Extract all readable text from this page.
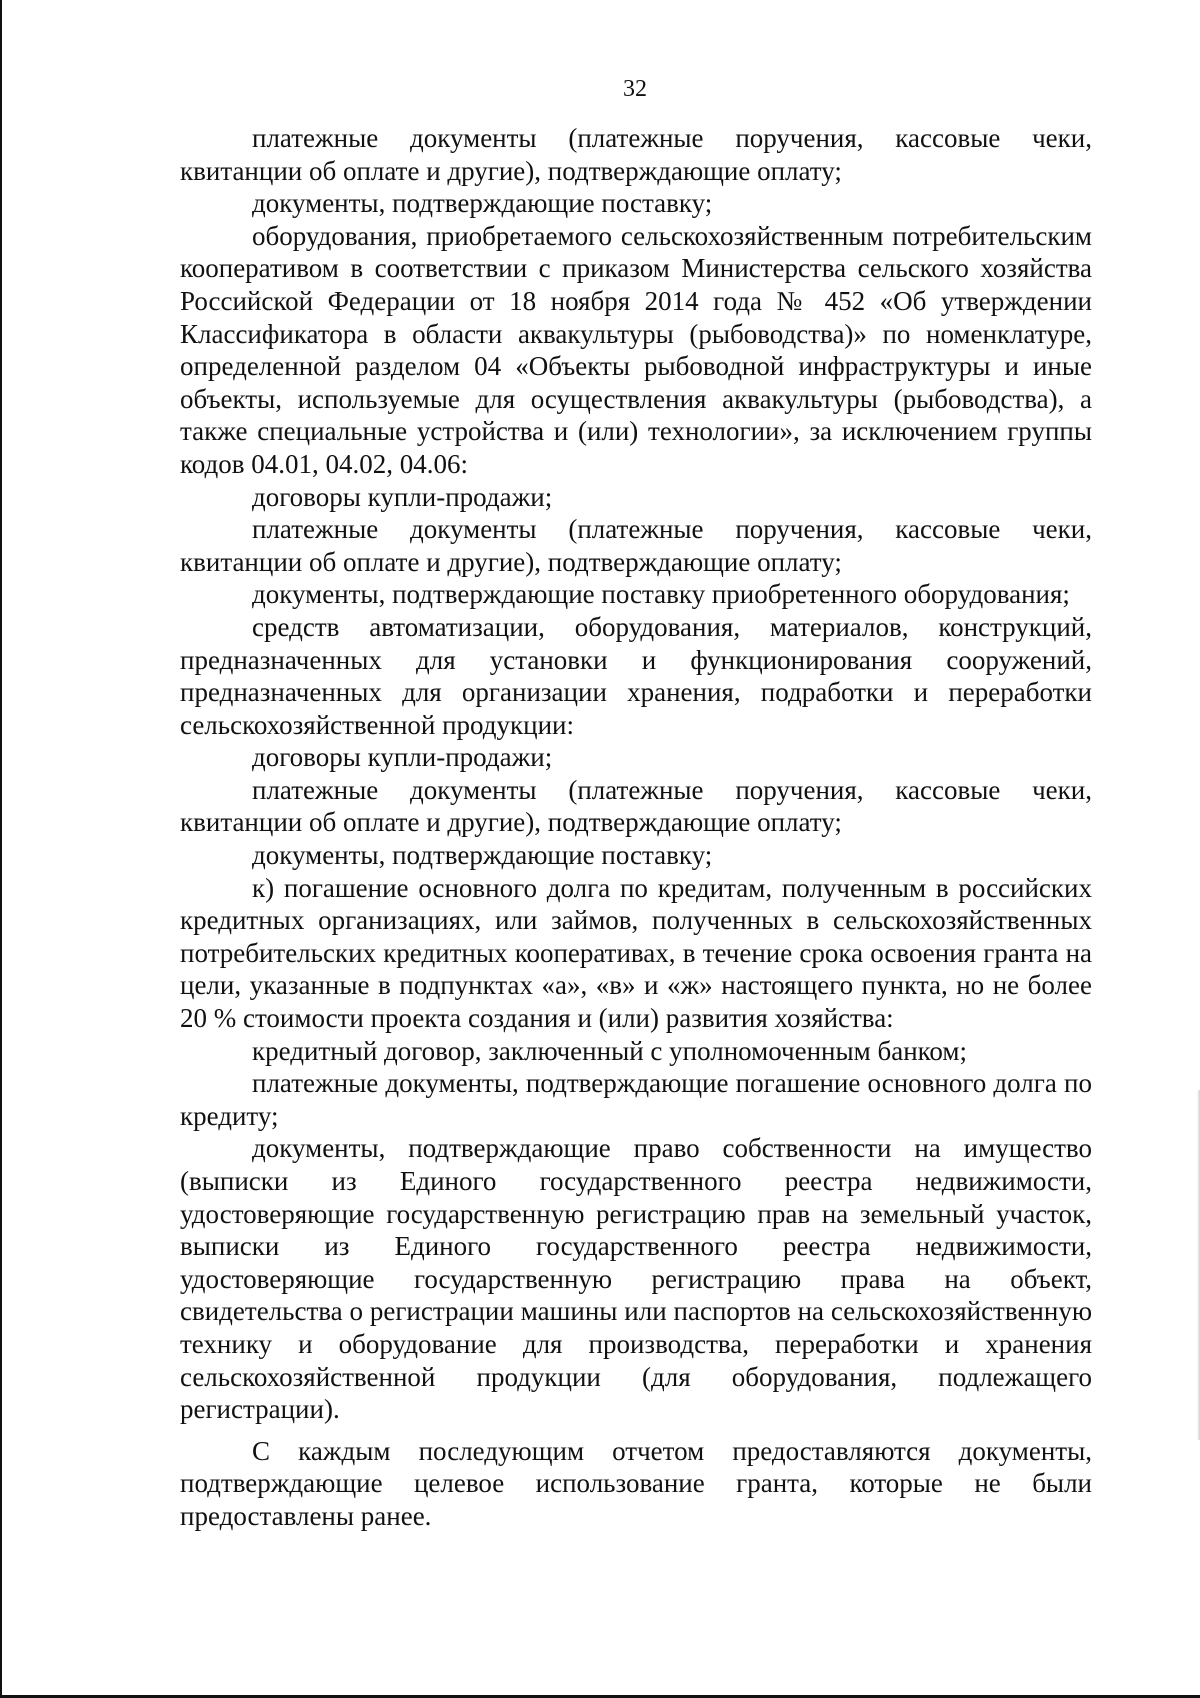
32

платежные документы (платежные поручения, кассовые чеки, квитанции об оплате и другие), подтверждающие оплату;

документы, подтверждающие поставку;

оборудования, приобретаемого сельскохозяйственным потребительским кооперативом в соответствии с приказом Министерства сельского хозяйства Российской Федерации от 18 ноября 2014 года № 452 «Об утверждении Классификатора в области аквакультуры (рыбоводства)» по номенклатуре, определенной разделом 04 «Объекты рыбоводной инфраструктуры и иные объекты, используемые для осуществления аквакультуры (рыбоводства), а также специальные устройства и (или) технологии», за исключением группы кодов 04.01, 04.02, 04.06:

договоры купли-продажи;

платежные документы (платежные поручения, кассовые чеки, квитанции об оплате и другие), подтверждающие оплату;

документы, подтверждающие поставку приобретенного оборудования;

средств автоматизации, оборудования, материалов, конструкций, предназначенных для установки и функционирования сооружений, предназначенных для организации хранения, подработки и переработки сельскохозяйственной продукции:

договоры купли-продажи;

платежные документы (платежные поручения, кассовые чеки, квитанции об оплате и другие), подтверждающие оплату;

документы, подтверждающие поставку;

к) погашение основного долга по кредитам, полученным в российских кредитных организациях, или займов, полученных в сельскохозяйственных потребительских кредитных кооперативах, в течение срока освоения гранта на цели, указанные в подпунктах «а», «в» и «ж» настоящего пункта, но не более 20 % стоимости проекта создания и (или) развития хозяйства:

кредитный договор, заключенный с уполномоченным банком;

платежные документы, подтверждающие погашение основного долга по кредиту;

документы, подтверждающие право собственности на имущество (выписки из Единого государственного реестра недвижимости, удостоверяющие государственную регистрацию прав на земельный участок, выписки из Единого государственного реестра недвижимости, удостоверяющие государственную регистрацию права на объект, свидетельства о регистрации машины или паспортов на сельскохозяйственную технику и оборудование для производства, переработки и хранения сельскохозяйственной продукции (для оборудования, подлежащего регистрации).

С каждым последующим отчетом предоставляются документы, подтверждающие целевое использование гранта, которые не были предоставлены ранее.
